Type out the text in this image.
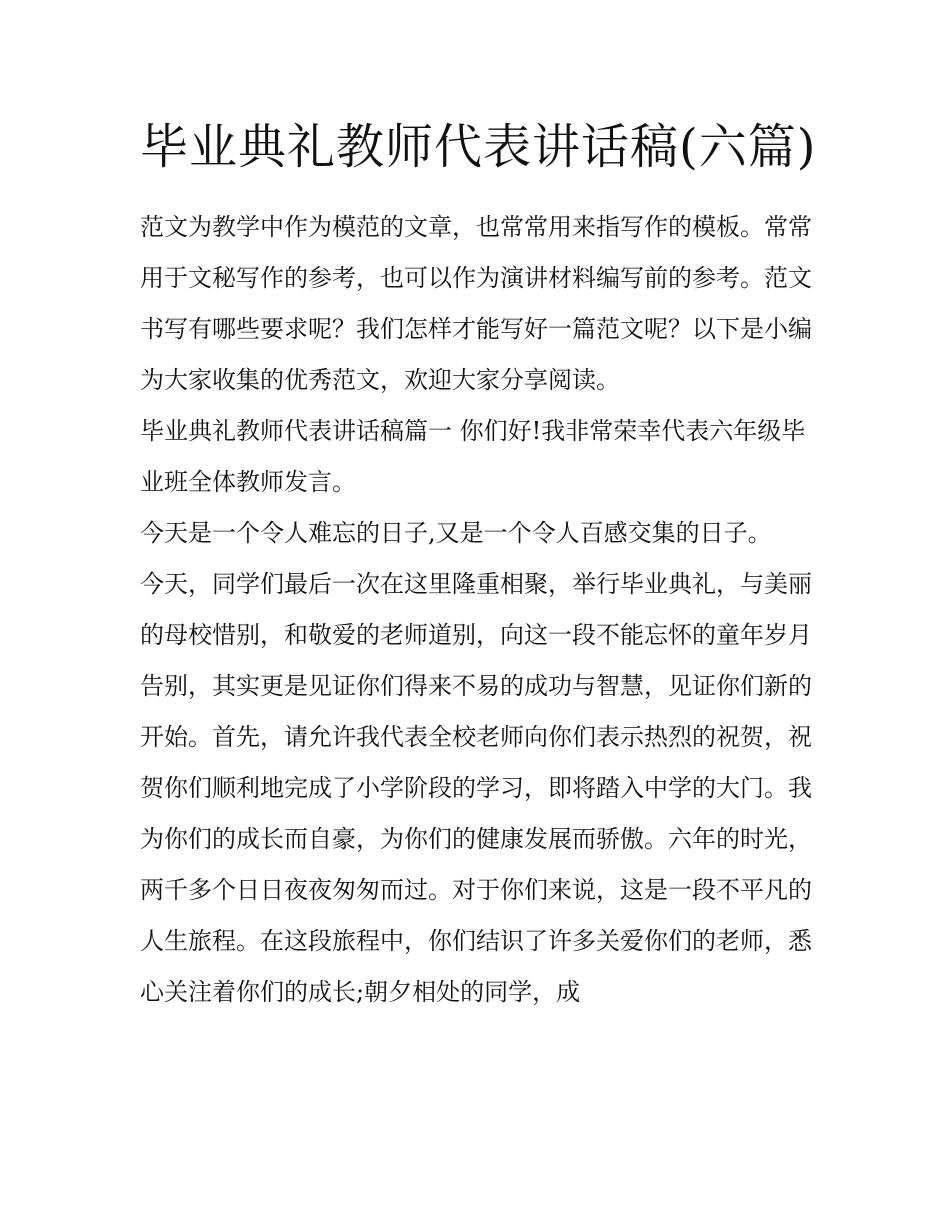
毕业典礼教师代表讲话稿(六篇)

范文为教学中作为模范的文章，也常常用来指写作的模板。常常用于文秘写作的参考，也可以作为演讲材料编写前的参考。范文书写有哪些要求呢？我们怎样才能写好一篇范文呢？以下是小编为大家收集的优秀范文，欢迎大家分享阅读。

毕业典礼教师代表讲话稿篇一 你们好!我非常荣幸代表六年级毕业班全体教师发言。

今天是一个令人难忘的日子,又是一个令人百感交集的日子。

今天，同学们最后一次在这里隆重相聚，举行毕业典礼，与美丽的母校惜别，和敬爱的老师道别，向这一段不能忘怀的童年岁月告别，其实更是见证你们得来不易的成功与智慧，见证你们新的开始。首先，请允许我代表全校老师向你们表示热烈的祝贺，祝贺你们顺利地完成了小学阶段的学习，即将踏入中学的大门。我为你们的成长而自豪，为你们的健康发展而骄傲。六年的时光，两千多个日日夜夜匆匆而过。对于你们来说，这是一段不平凡的人生旅程。在这段旅程中，你们结识了许多关爱你们的老师，悉心关注着你们的成长;朝夕相处的同学，成
